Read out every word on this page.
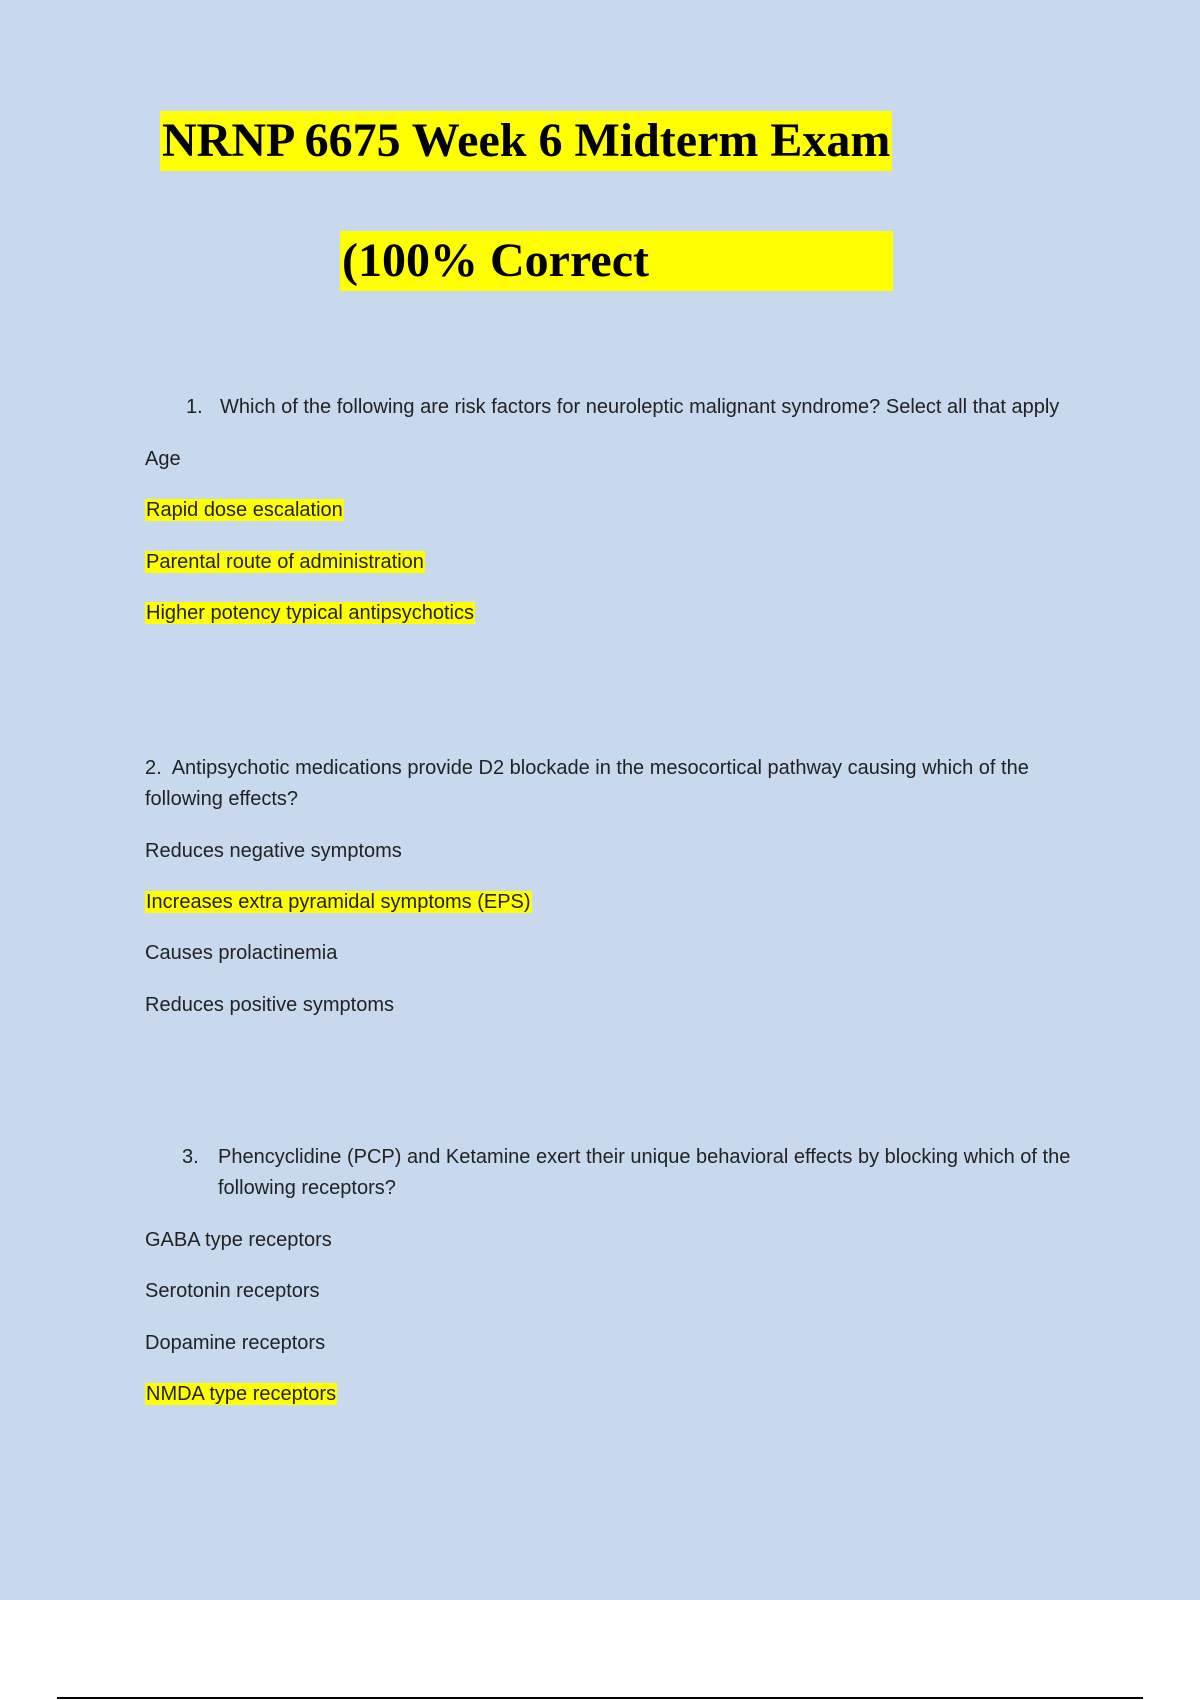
NRNP 6675 Week 6 Midterm Exam
(100% Correct
1. Which of the following are risk factors for neuroleptic malignant syndrome? Select all that apply
Age
Rapid dose escalation
Parental route of administration
Higher potency typical antipsychotics
2. Antipsychotic medications provide D2 blockade in the mesocortical pathway causing which of the following effects?
Reduces negative symptoms
Increases extra pyramidal symptoms (EPS)
Causes prolactinemia
Reduces positive symptoms
3. Phencyclidine (PCP) and Ketamine exert their unique behavioral effects by blocking which of the following receptors?
GABA type receptors
Serotonin receptors
Dopamine receptors
NMDA type receptors
